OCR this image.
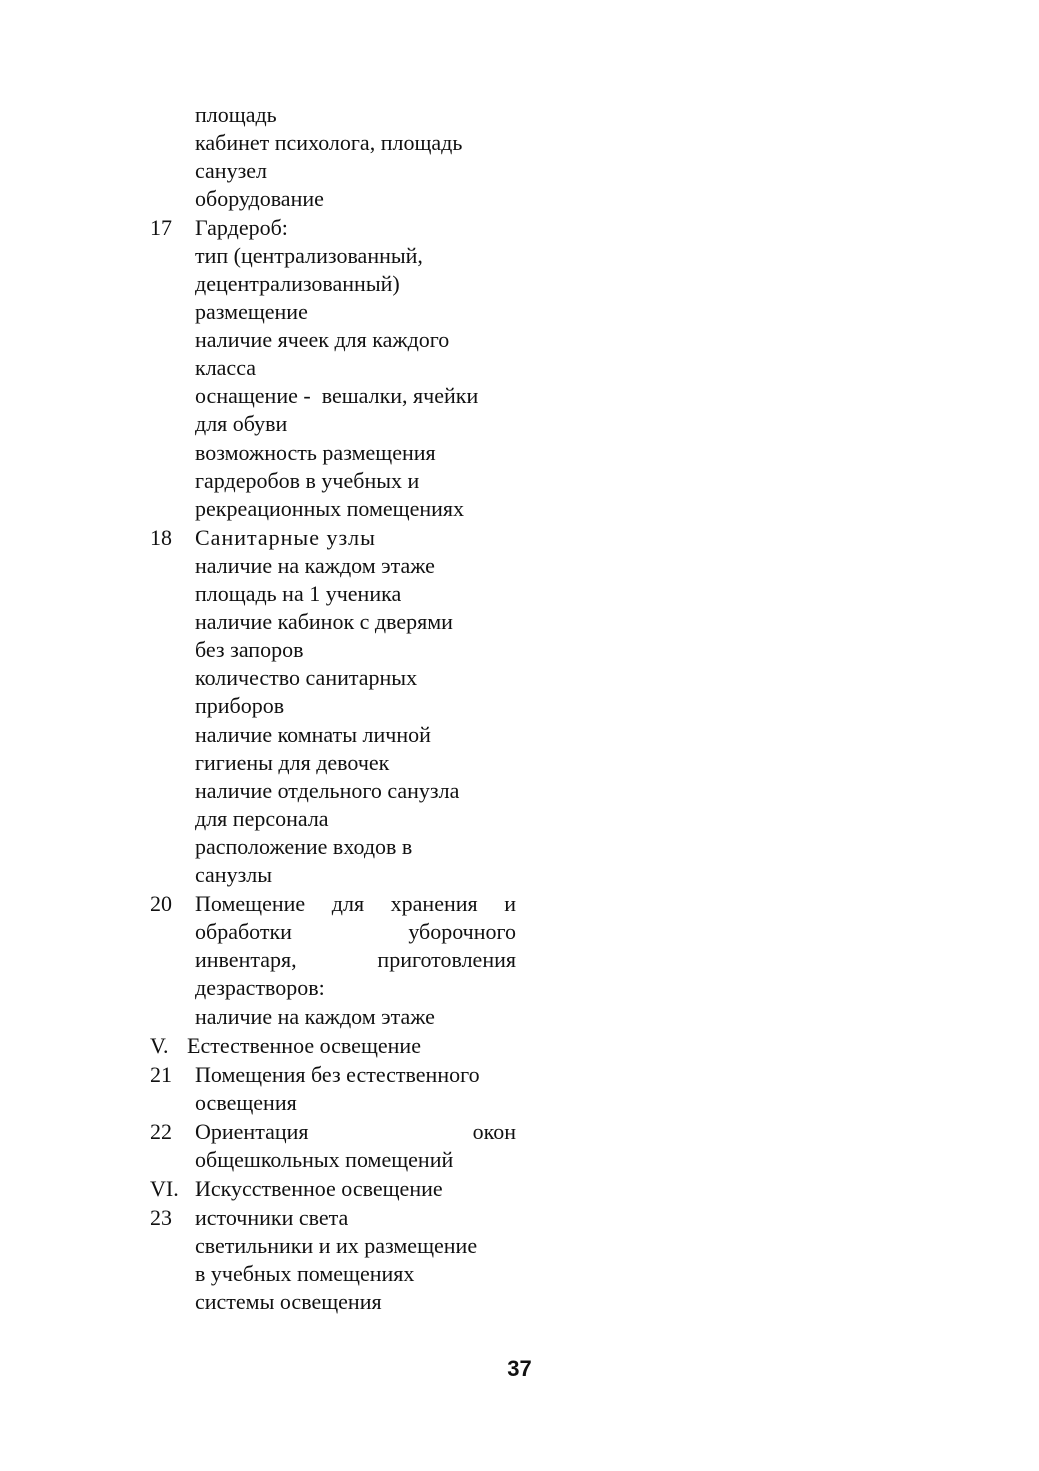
площадь
кабинет психолога, площадь
санузел
оборудование
17 Гардероб:
тип (централизованный,
децентрализованный)
размещение
наличие ячеек для каждого
класса
оснащение -  вешалки, ячейки
для обуви
возможность размещения
гардеробов в учебных и
рекреационных помещениях
18 Санитарные узлы
наличие на каждом этаже
площадь на 1 ученика
наличие кабинок с дверями
без запоров
количество санитарных
приборов
наличие комнаты личной
гигиены для девочек
наличие отдельного санузла
для персонала
расположение входов в
санузлы
20 Помещение для хранения и
обработки	уборочного
инвентаря,	приготовления
дезрастворов:
наличие на каждом этаже
V. Естественное освещение
21 Помещения без естественного
освещения
22 Ориентация	окон
общешкольных помещений
VI. Искусственное освещение
23 источники света
светильники и их размещение
в учебных помещениях
системы освещения
37
